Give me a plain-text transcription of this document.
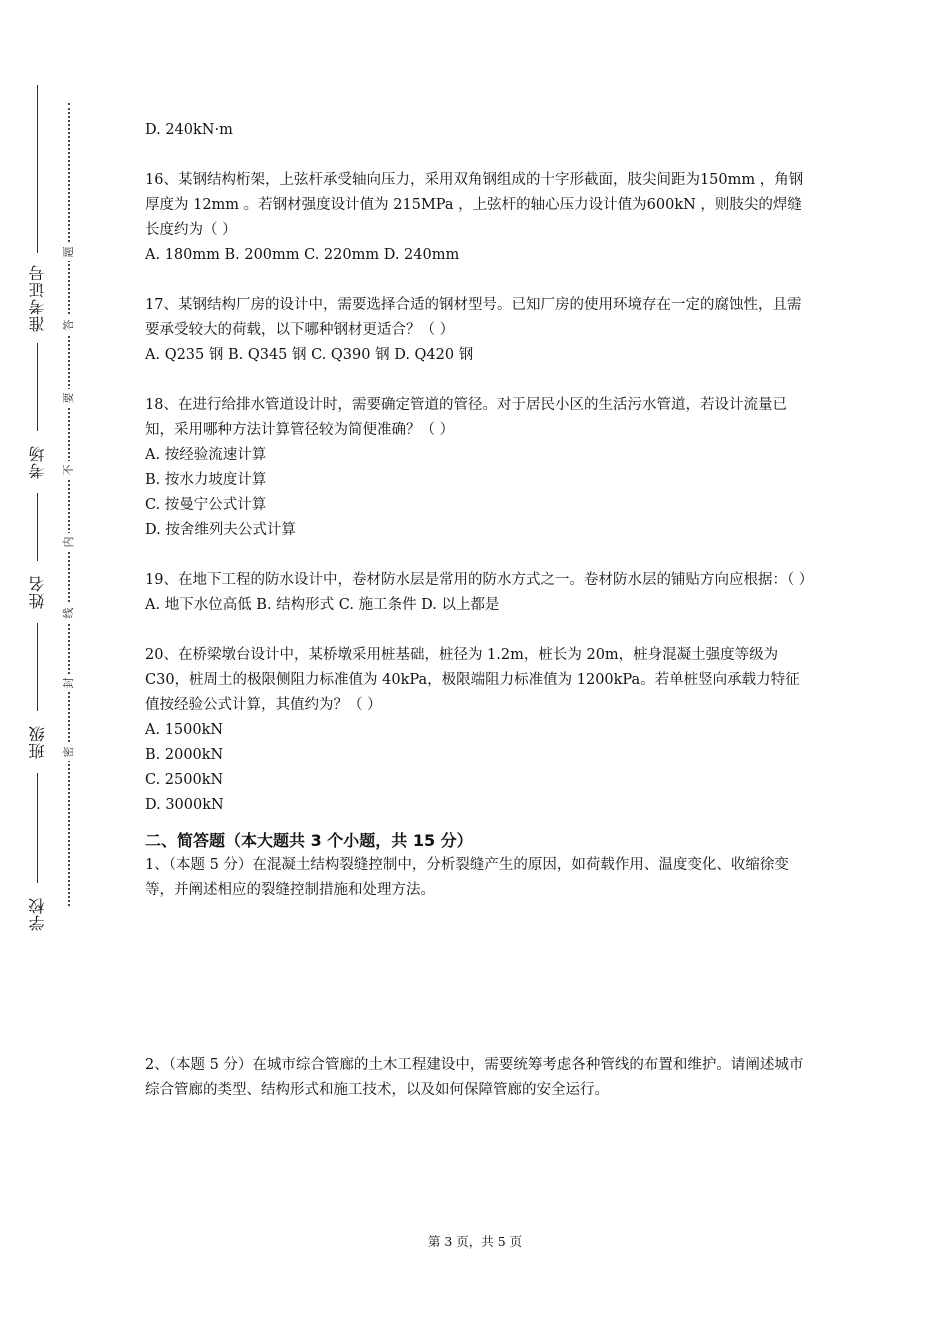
准考证号
考场
姓名
班级
学校
题
答
要
不
内
线
封
密

D. 240kN·m

16、某钢结构桁架，上弦杆承受轴向压力，采用双角钢组成的十字形截面，肢尖间距为150mm ，角钢厚度为 12mm 。若钢材强度设计值为 215MPa ，上弦杆的轴心压力设计值为600kN ，则肢尖的焊缝长度约为（ ）

A. 180mm B. 200mm C. 220mm D. 240mm

17、某钢结构厂房的设计中，需要选择合适的钢材型号。已知厂房的使用环境存在一定的腐蚀性，且需要承受较大的荷载，以下哪种钢材更适合？（ ）

A. Q235 钢 B. Q345 钢 C. Q390 钢 D. Q420 钢

18、在进行给排水管道设计时，需要确定管道的管径。对于居民小区的生活污水管道，若设计流量已知，采用哪种方法计算管径较为简便准确？（ ）

A. 按经验流速计算

B. 按水力坡度计算

C. 按曼宁公式计算

D. 按舍维列夫公式计算

19、在地下工程的防水设计中，卷材防水层是常用的防水方式之一。卷材防水层的铺贴方向应根据：（ ）

A. 地下水位高低 B. 结构形式 C. 施工条件 D. 以上都是

20、在桥梁墩台设计中，某桥墩采用桩基础，桩径为 1.2m，桩长为 20m，桩身混凝土强度等级为 C30，桩周土的极限侧阻力标准值为 40kPa，极限端阻力标准值为 1200kPa。若单桩竖向承载力特征值按经验公式计算，其值约为？（ ）

A. 1500kN

B. 2000kN

C. 2500kN

D. 3000kN

二、简答题（本大题共 3 个小题，共 15 分）

1、（本题 5 分）在混凝土结构裂缝控制中，分析裂缝产生的原因，如荷载作用、温度变化、收缩徐变等，并阐述相应的裂缝控制措施和处理方法。

2、（本题 5 分）在城市综合管廊的土木工程建设中，需要统筹考虑各种管线的布置和维护。请阐述城市综合管廊的类型、结构形式和施工技术，以及如何保障管廊的安全运行。

第 3 页，共 5 页
